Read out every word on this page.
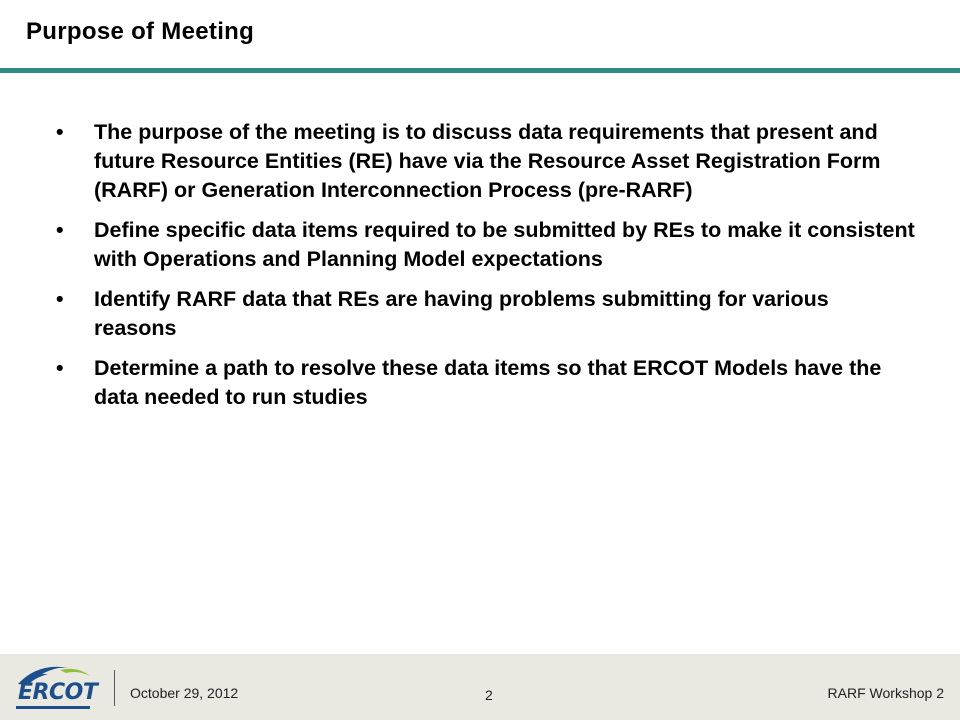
Purpose of Meeting
• The purpose of the meeting is to discuss data requirements that present and future Resource Entities (RE) have via the Resource Asset Registration Form (RARF) or Generation Interconnection Process (pre-RARF)
• Define specific data items required to be submitted by REs to make it consistent with Operations and Planning Model expectations
• Identify RARF data that REs are having problems submitting for various reasons
• Determine a path to resolve these data items so that ERCOT Models have the data needed to run studies
ERCOT October 29, 2012	2	RARF Workshop 2
